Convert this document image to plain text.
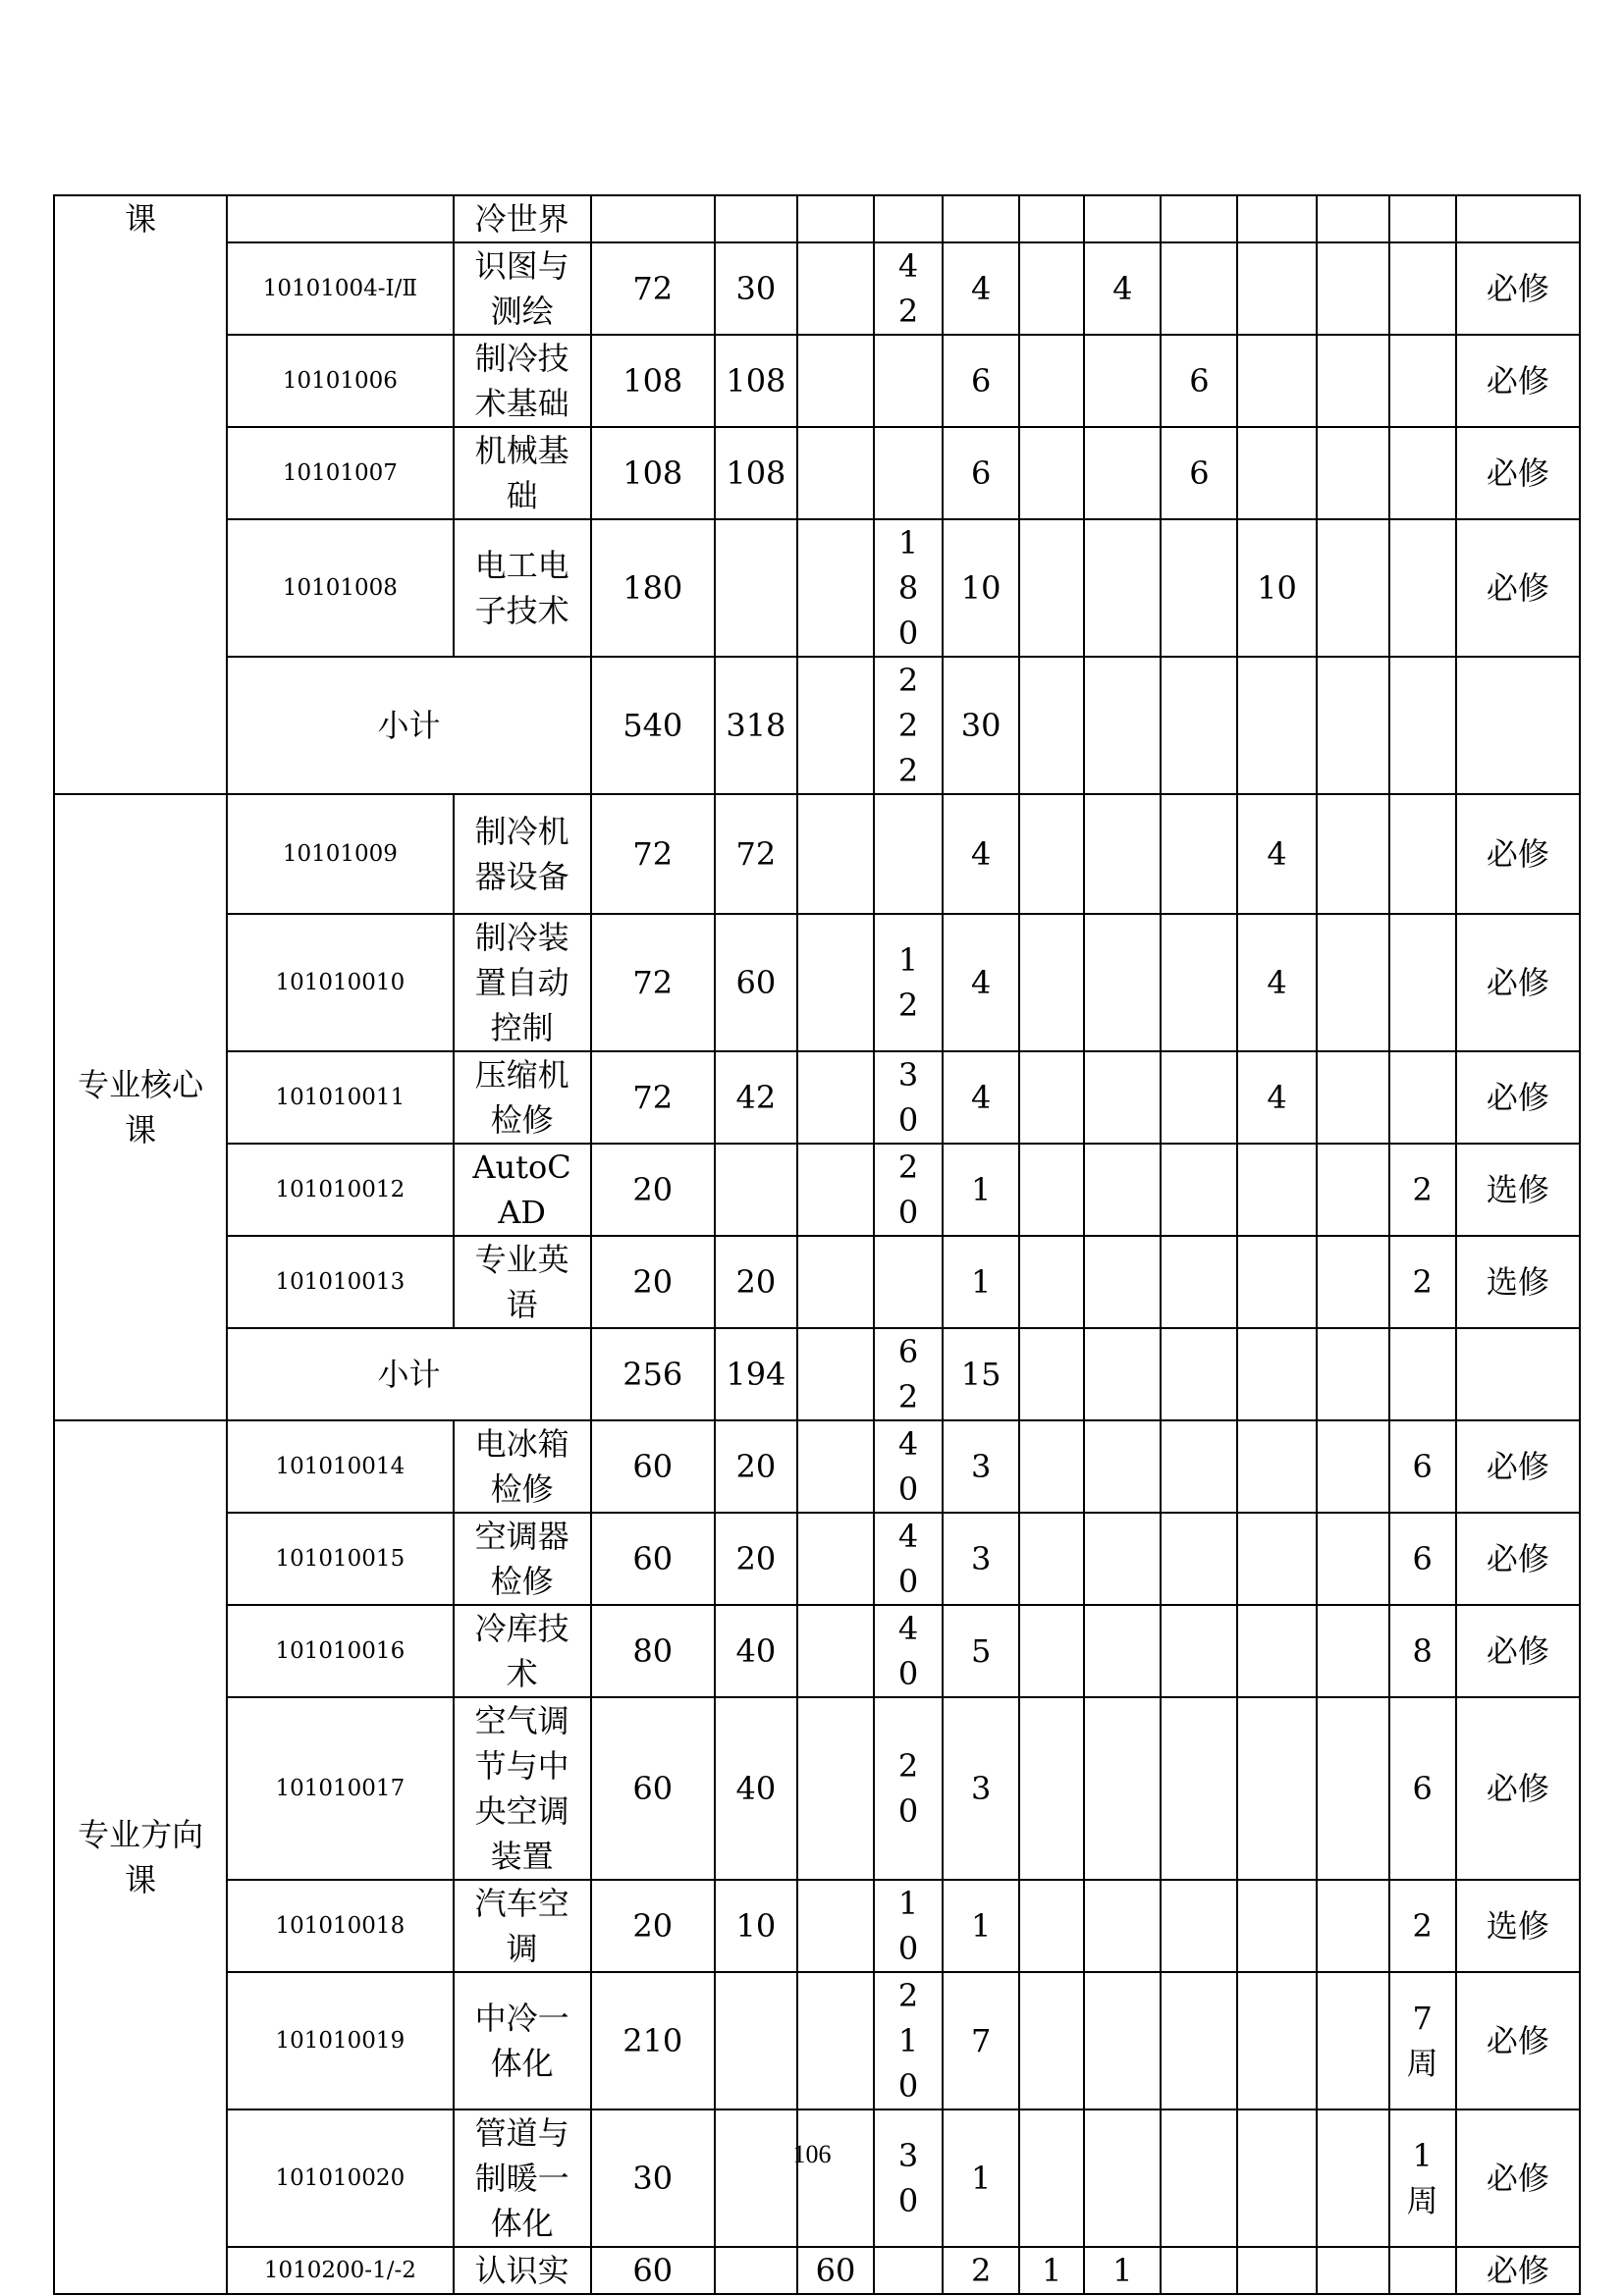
课		冷世界												

	10101004-Ⅰ/Ⅱ	识图与测绘	72	30		42	4		4					必修
	10101006	制冷技术基础	108	108			6			6				必修
	10101007	机械基础	108	108			6			6				必修
	10101008	电工电子技术	180			180	10				10			必修
	小计		540	318		222	30							

专业核心课	10101009	制冷机器设备	72	72			4				4			必修
	101010010	制冷装置自动控制	72	60		12	4				4			必修
	101010011	压缩机检修	72	42		30	4				4			必修
	101010012	AutoCAD	20			20	1						2	选修
	101010013	专业英语	20	20			1						2	选修
	小计		256	194		62	15							

专业方向课	101010014	电冰箱检修	60	20		40	3						6	必修
	101010015	空调器检修	60	20		40	3						6	必修
	101010016	冷库技术	80	40		40	5						8	必修
	101010017	空气调节与中央空调装置	60	40		20	3						6	必修
	101010018	汽车空调	20	10		10	1						2	选修
	101010019	中冷一体化	210			210	7						7周	必修
	101010020	管道与制暖一体化	30			30	1						1周	必修
	1010200-1/-2	认识实	60		60		2	1	1					必修
106
